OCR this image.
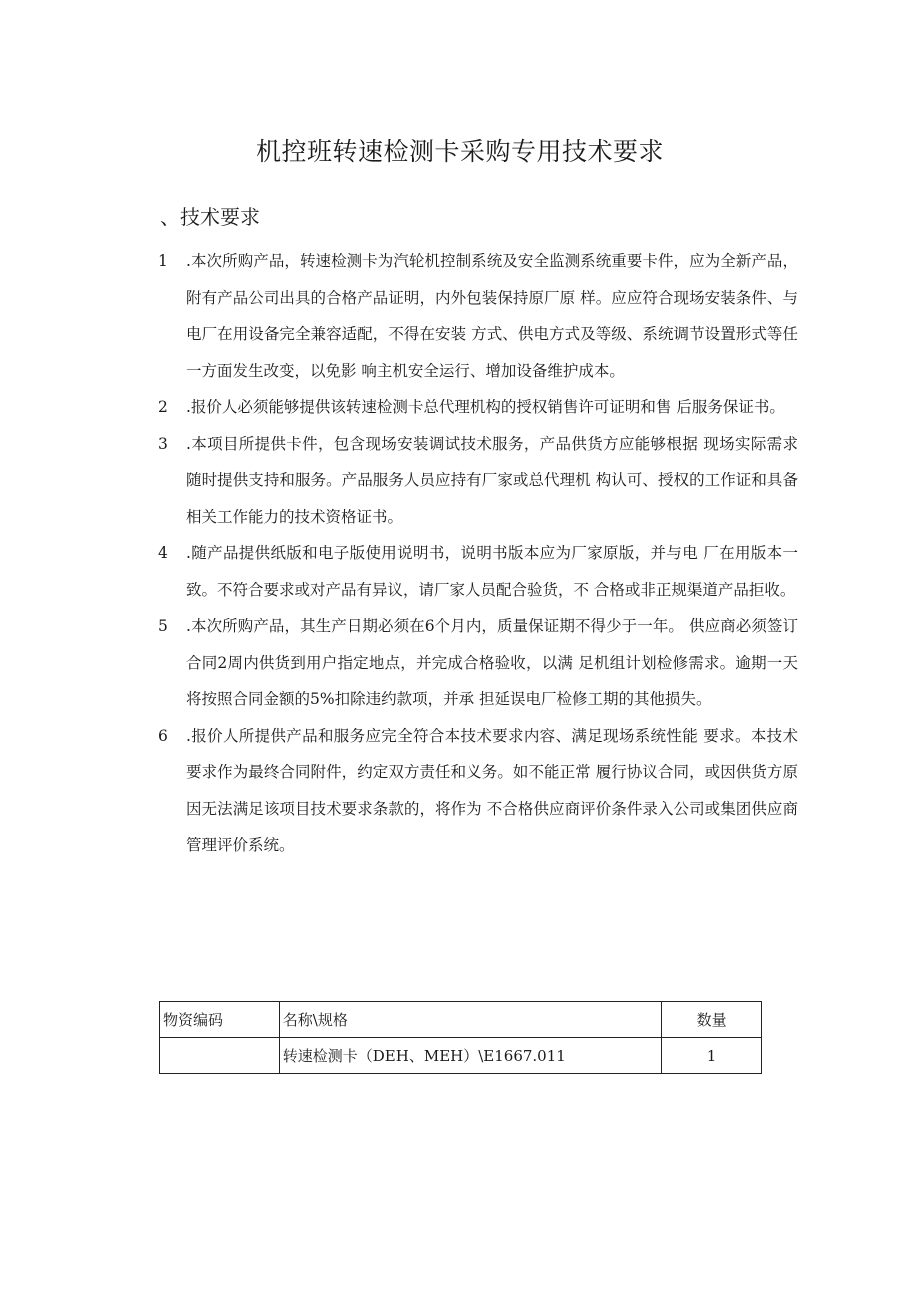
机控班转速检测卡采购专用技术要求
、技术要求
1	.本次所购产品，转速检测卡为汽轮机控制系统及安全监测系统重要卡件，应为全新产品，附有产品公司出具的合格产品证明，内外包装保持原厂原 样。应应符合现场安装条件、与电厂在用设备完全兼容适配，不得在安装 方式、供电方式及等级、系统调节设置形式等任一方面发生改变，以免影 响主机安全运行、增加设备维护成本。
2	.报价人必须能够提供该转速检测卡总代理机构的授权销售许可证明和售 后服务保证书。
3	.本项目所提供卡件，包含现场安装调试技术服务，产品供货方应能够根据 现场实际需求随时提供支持和服务。产品服务人员应持有厂家或总代理机 构认可、授权的工作证和具备相关工作能力的技术资格证书。
4	.随产品提供纸版和电子版使用说明书，说明书版本应为厂家原版，并与电 厂在用版本一致。不符合要求或对产品有异议，请厂家人员配合验货，不 合格或非正规渠道产品拒收。
5	.本次所购产品，其生产日期必须在6个月内，质量保证期不得少于一年。 供应商必须签订合同2周内供货到用户指定地点，并完成合格验收，以满 足机组计划检修需求。逾期一天将按照合同金额的5%扣除违约款项，并承 担延误电厂检修工期的其他损失。
6	.报价人所提供产品和服务应完全符合本技术要求内容、满足现场系统性能 要求。本技术要求作为最终合同附件，约定双方责任和义务。如不能正常 履行协议合同，或因供货方原因无法满足该项目技术要求条款的，将作为 不合格供应商评价条件录入公司或集团供应商管理评价系统。
物资编码	名称\规格	数量
	转速检测卡（DEH、MEH）\E1667.011	1
